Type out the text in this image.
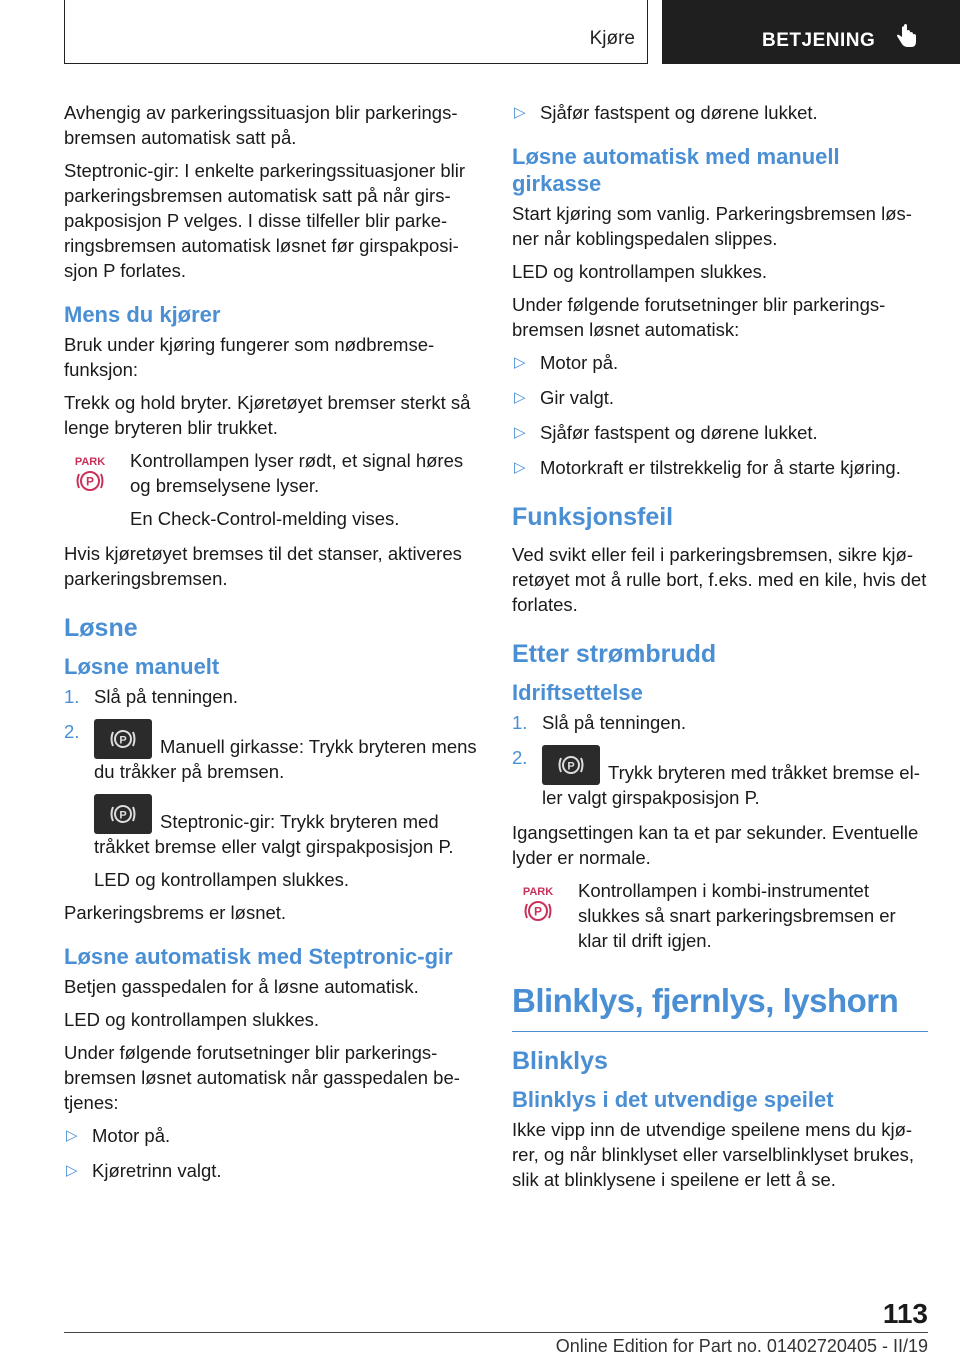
Kjøre	BETJENING

Avhengig av parkeringssituasjon blir parkeringsbremsen automatisk satt på.

Steptronic-gir: I enkelte parkeringssituasjoner blir parkeringsbremsen automatisk satt på når girspakposisjon P velges. I disse tilfeller blir parkeringsbremsen automatisk løsnet før girspakposisjon P forlates.

Mens du kjører

Bruk under kjøring fungerer som nødbremsefunksjon:

Trekk og hold bryter. Kjøretøyet bremser sterkt så lenge bryteren blir trukket.

PARK
P

Kontrollampen lyser rødt, et signal høres og bremselysene lyser.

En Check-Control-melding vises.

Hvis kjøretøyet bremses til det stanser, aktiveres parkeringsbremsen.

Løsne
Løsne manuelt
1. Slå på tenningen.
2.	P Manuell girkasse: Trykk bryteren mens du tråkker på bremsen.
P Steptronic-gir: Trykk bryteren med tråkket bremse eller valgt girspakposisjon P.

LED og kontrollampen slukkes.

Parkeringsbrems er løsnet.

Løsne automatisk med Steptronic-gir

Betjen gasspedalen for å løsne automatisk.

LED og kontrollampen slukkes.

Under følgende forutsetninger blir parkeringsbremsen løsnet automatisk når gasspedalen betjenes:

▷ Motor på.
▷ Kjøretrinn valgt.
▷ Sjåfør fastspent og dørene lukket.
Løsne automatisk med manuell girkasse

Start kjøring som vanlig. Parkeringsbremsen løsner når koblingspedalen slippes.

LED og kontrollampen slukkes.

Under følgende forutsetninger blir parkeringsbremsen løsnet automatisk:

▷ Motor på.
▷ Gir valgt.
▷ Sjåfør fastspent og dørene lukket.
▷ Motorkraft er tilstrekkelig for å starte kjøring.
Funksjonsfeil

Ved svikt eller feil i parkeringsbremsen, sikre kjøretøyet mot å rulle bort, f.eks. med en kile, hvis det forlates.

Etter strømbrudd
Idriftsettelse
1. Slå på tenningen.
2.	P Trykk bryteren med tråkket bremse eller valgt girspakposisjon P.

Igangsettingen kan ta et par sekunder. Eventuelle lyder er normale.

PARK
P

Kontrollampen i kombi-instrumentet slukkes så snart parkeringsbremsen er klar til drift igjen.

Blinklys, fjernlys, lyshorn
Blinklys
Blinklys i det utvendige speilet

Ikke vipp inn de utvendige speilene mens du kjører, og når blinklyset eller varselblinklyset brukes, slik at blinklysene i speilene er lett å se.

113
Online Edition for Part no. 01402720405 - II/19
